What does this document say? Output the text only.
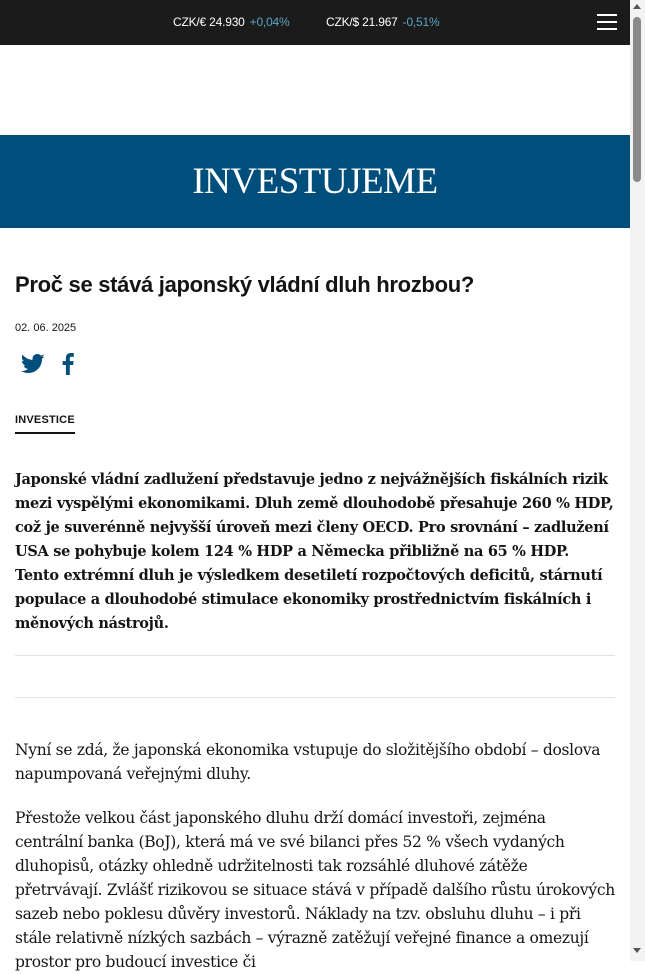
CZK/€ 24.930 +0,04%	CZK/$ 21.967 -0,51%
INVESTUJEME
Proč se stává japonský vládní dluh hrozbou?
02. 06. 2025
INVESTICE

Japonské vládní zadlužení představuje jedno z nejvážnějších fiskálních rizik mezi vyspělými ekonomikami. Dluh země dlouhodobě přesahuje 260 % HDP, což je suverénně nejvyšší úroveň mezi členy OECD. Pro srovnání – zadlužení USA se pohybuje kolem 124 % HDP a Německa přibližně na 65 % HDP. Tento extrémní dluh je výsledkem desetiletí rozpočtových deficitů, stárnutí populace a dlouhodobé stimulace ekonomiky prostřednictvím fiskálních i měnových nástrojů.

Nyní se zdá, že japonská ekonomika vstupuje do složitějšího období – doslova napumpovaná veřejnými dluhy.

Přestože velkou část japonského dluhu drží domácí investoři, zejména centrální banka (BoJ), která má ve své bilanci přes 52 % všech vydaných dluhopisů, otázky ohledně udržitelnosti tak rozsáhlé dluhové zátěže přetrvávají. Zvlášť rizikovou se situace stává v případě dalšího růstu úrokových sazeb nebo poklesu důvěry investorů. Náklady na tzv. obsluhu dluhu – i při stále relativně nízkých sazbách – výrazně zatěžují veřejné finance a omezují prostor pro budoucí investice či
